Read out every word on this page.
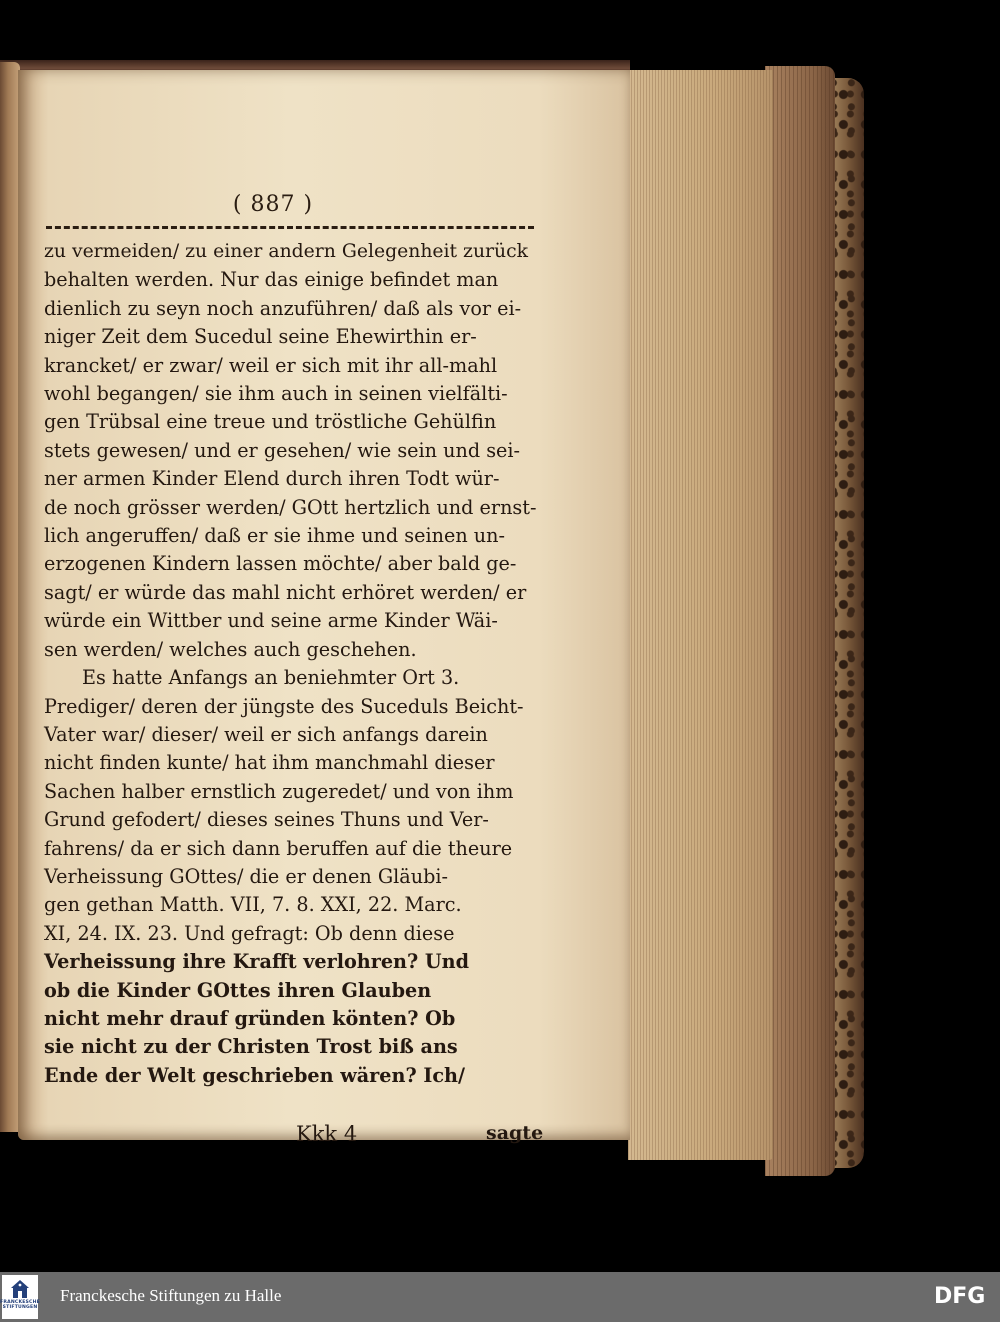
( 887 )
zu vermeiden/ zu einer andern Gelegenheit zurück
behalten werden. Nur das einige befindet man
dienlich zu seyn noch anzuführen/ daß als vor ei-
niger Zeit dem Sucedul seine Ehewirthin er-
krancket/ er zwar/ weil er sich mit ihr all-mahl
wohl begangen/ sie ihm auch in seinen vielfälti-
gen Trübsal eine treue und tröstliche Gehülfin
stets gewesen/ und er gesehen/ wie sein und sei-
ner armen Kinder Elend durch ihren Todt wür-
de noch grösser werden/ GOtt hertzlich und ernst-
lich angeruffen/ daß er sie ihme und seinen un-
erzogenen Kindern lassen möchte/ aber bald ge-
sagt/ er würde das mahl nicht erhöret werden/ er
würde ein Wittber und seine arme Kinder Wäi-
sen werden/ welches auch geschehen.
Es hatte Anfangs an beniehmter Ort 3.
Prediger/ deren der jüngste des Suceduls Beicht-
Vater war/ dieser/ weil er sich anfangs darein
nicht finden kunte/ hat ihm manchmahl dieser
Sachen halber ernstlich zugeredet/ und von ihm
Grund gefodert/ dieses seines Thuns und Ver-
fahrens/ da er sich dann beruffen auf die theure
Verheissung GOttes/ die er denen Gläubi-
gen gethan Matth. VII, 7. 8. XXI, 22. Marc.
XI, 24. IX. 23. Und gefragt: Ob denn diese
Verheissung ihre Krafft verlohren? Und
ob die Kinder GOttes ihren Glauben
nicht mehr drauf gründen könten? Ob
sie nicht zu der Christen Trost biß ans
Ende der Welt geschrieben wären? Ich/
Kkk 4	sagte
FRANCKESCHE
STIFTUNGEN
Franckesche Stiftungen zu Halle	DFG
